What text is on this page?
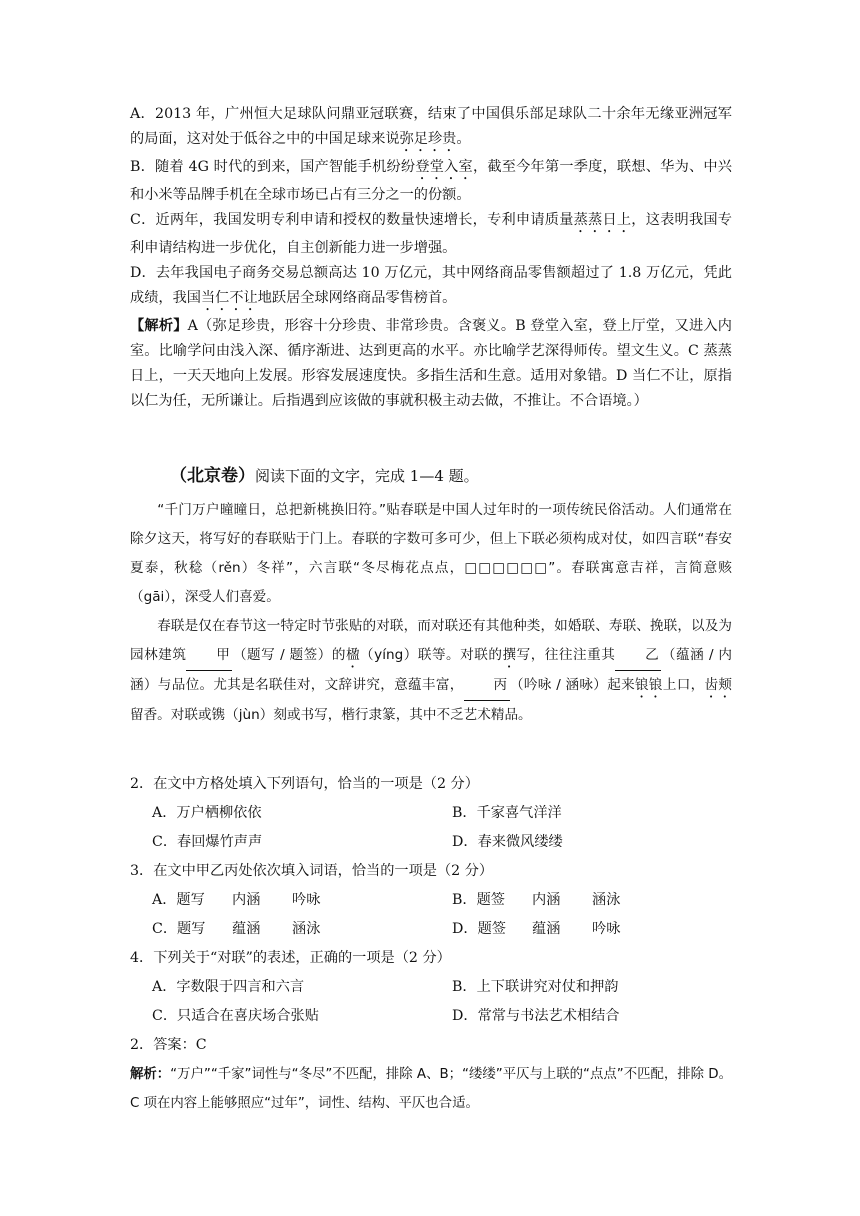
A．2013 年，广州恒大足球队问鼎亚冠联赛，结束了中国俱乐部足球队二十余年无缘亚洲冠军的局面，这对处于低谷之中的中国足球来说弥足珍贵。

B．随着 4G 时代的到来，国产智能手机纷纷登堂入室，截至今年第一季度，联想、华为、中兴和小米等品牌手机在全球市场已占有三分之一的份额。

C．近两年，我国发明专利申请和授权的数量快速增长，专利申请质量蒸蒸日上，这表明我国专利申请结构进一步优化，自主创新能力进一步增强。

D．去年我国电子商务交易总额高达 10 万亿元，其中网络商品零售额超过了 1.8 万亿元，凭此成绩，我国当仁不让地跃居全球网络商品零售榜首。

【解析】A（弥足珍贵，形容十分珍贵、非常珍贵。含褒义。B 登堂入室，登上厅堂，又进入内室。比喻学问由浅入深、循序渐进、达到更高的水平。亦比喻学艺深得师传。望文生义。C 蒸蒸日上，一天天地向上发展。形容发展速度快。多指生活和生意。适用对象错。D 当仁不让，原指以仁为任，无所谦让。后指遇到应该做的事就积极主动去做，不推让。不合语境。）

（北京卷）阅读下面的文字，完成 1—4 题。

“千门万户曈曈日，总把新桃换旧符。”贴春联是中国人过年时的一项传统民俗活动。人们通常在除夕这天，将写好的春联贴于门上。春联的字数可多可少，但上下联必须构成对仗，如四言联“春安夏泰，秋稔（rěn）冬祥”，六言联“冬尽梅花点点，□□□□□□”。春联寓意吉祥，言简意赅（gāi），深受人们喜爱。

春联是仅在春节这一特定时节张贴的对联，而对联还有其他种类，如婚联、寿联、挽联，以及为园林建筑 甲 （题写 / 题签）的楹（yíng）联等。对联的撰写，往往注重其 乙 （蕴涵 / 内涵）与品位。尤其是名联佳对，文辞讲究，意蕴丰富， 丙 （吟咏 / 涵咏）起来锒锒上口，齿颊留香。对联或镌（jùn）刻或书写，楷行隶篆，其中不乏艺术精品。

2．在文中方格处填入下列语句，恰当的一项是（2 分）

A．万户栖柳依依	B．千家喜气洋洋
C．春回爆竹声声	D．春来微风缕缕

3．在文中甲乙丙处依次填入词语，恰当的一项是（2 分）

A．题写 内涵 吟咏	B．题签 内涵 涵泳
C．题写 蕴涵 涵泳	D．题签 蕴涵 吟咏

4．下列关于“对联”的表述，正确的一项是（2 分）

A．字数限于四言和六言	B．上下联讲究对仗和押韵
C．只适合在喜庆场合张贴	D．常常与书法艺术相结合

2．答案：C

解析：“万户”“千家”词性与“冬尽”不匹配，排除 A、B；“缕缕”平仄与上联的“点点”不匹配，排除 D。C 项在内容上能够照应“过年”，词性、结构、平仄也合适。
